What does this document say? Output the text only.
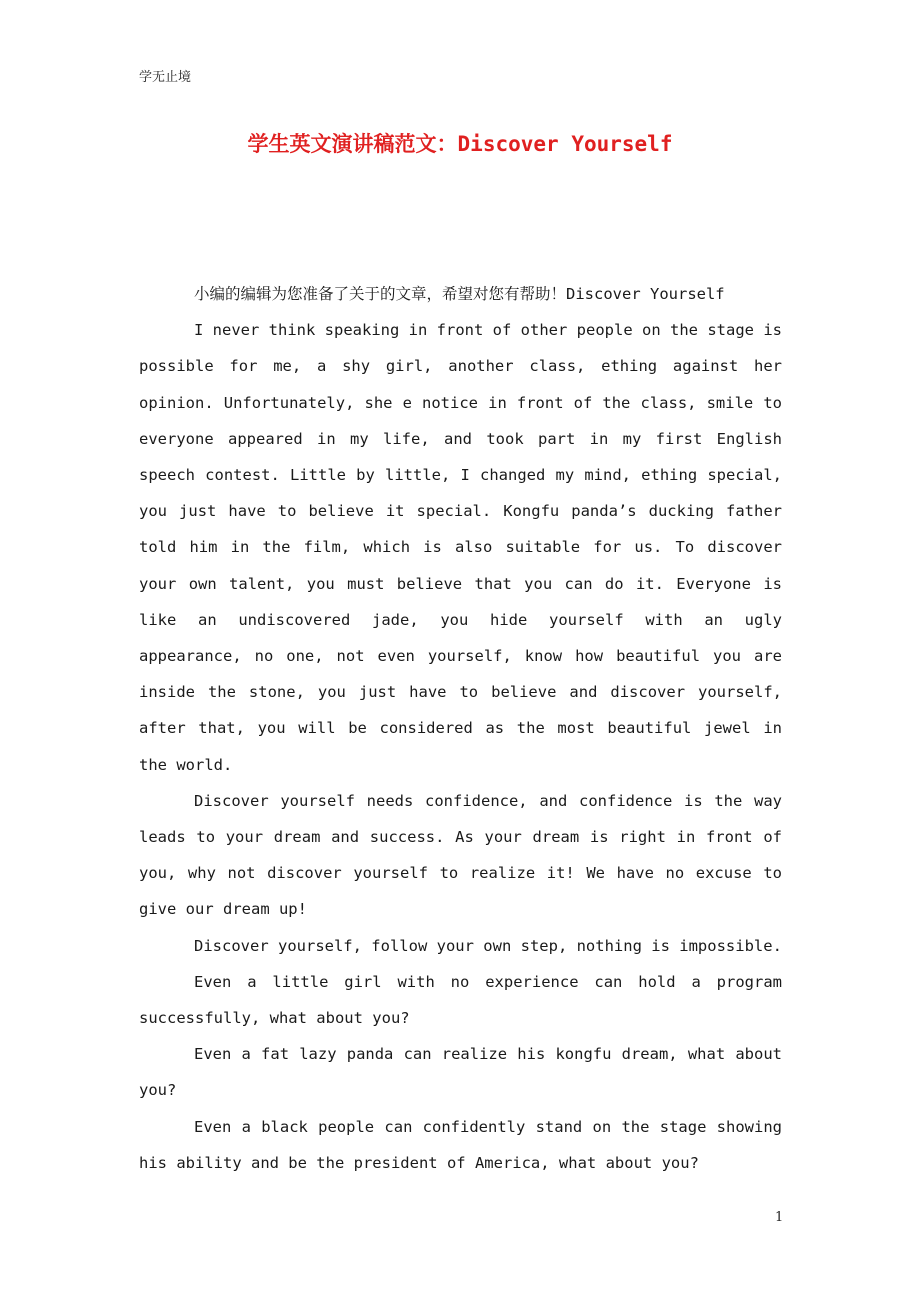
学无止境
学生英文演讲稿范文：Discover Yourself

小编的编辑为您准备了关于的文章，希望对您有帮助！Discover Yourself

I never think speaking in front of other people on the stage is possible for me, a shy girl, another class, ething against her opinion. Unfortunately, she e notice in front of the class, smile to everyone appeared in my life, and took part in my first English speech contest. Little by little, I changed my mind, ething special, you just have to believe it special. Kongfu panda’s ducking father told him in the film, which is also suitable for us. To discover your own talent, you must believe that you can do it. Everyone is like an undiscovered jade, you hide yourself with an ugly appearance, no one, not even yourself, know how beautiful you are inside the stone, you just have to believe and discover yourself, after that, you will be considered as the most beautiful jewel in the world.

Discover yourself needs confidence, and confidence is the way leads to your dream and success. As your dream is right in front of you, why not discover yourself to realize it! We have no excuse to give our dream up!

Discover yourself, follow your own step, nothing is impossible.

Even a little girl with no experience can hold a program successfully, what about you?

Even a fat lazy panda can realize his kongfu dream, what about you?

Even a black people can confidently stand on the stage showing his ability and be the president of America, what about you?

1
